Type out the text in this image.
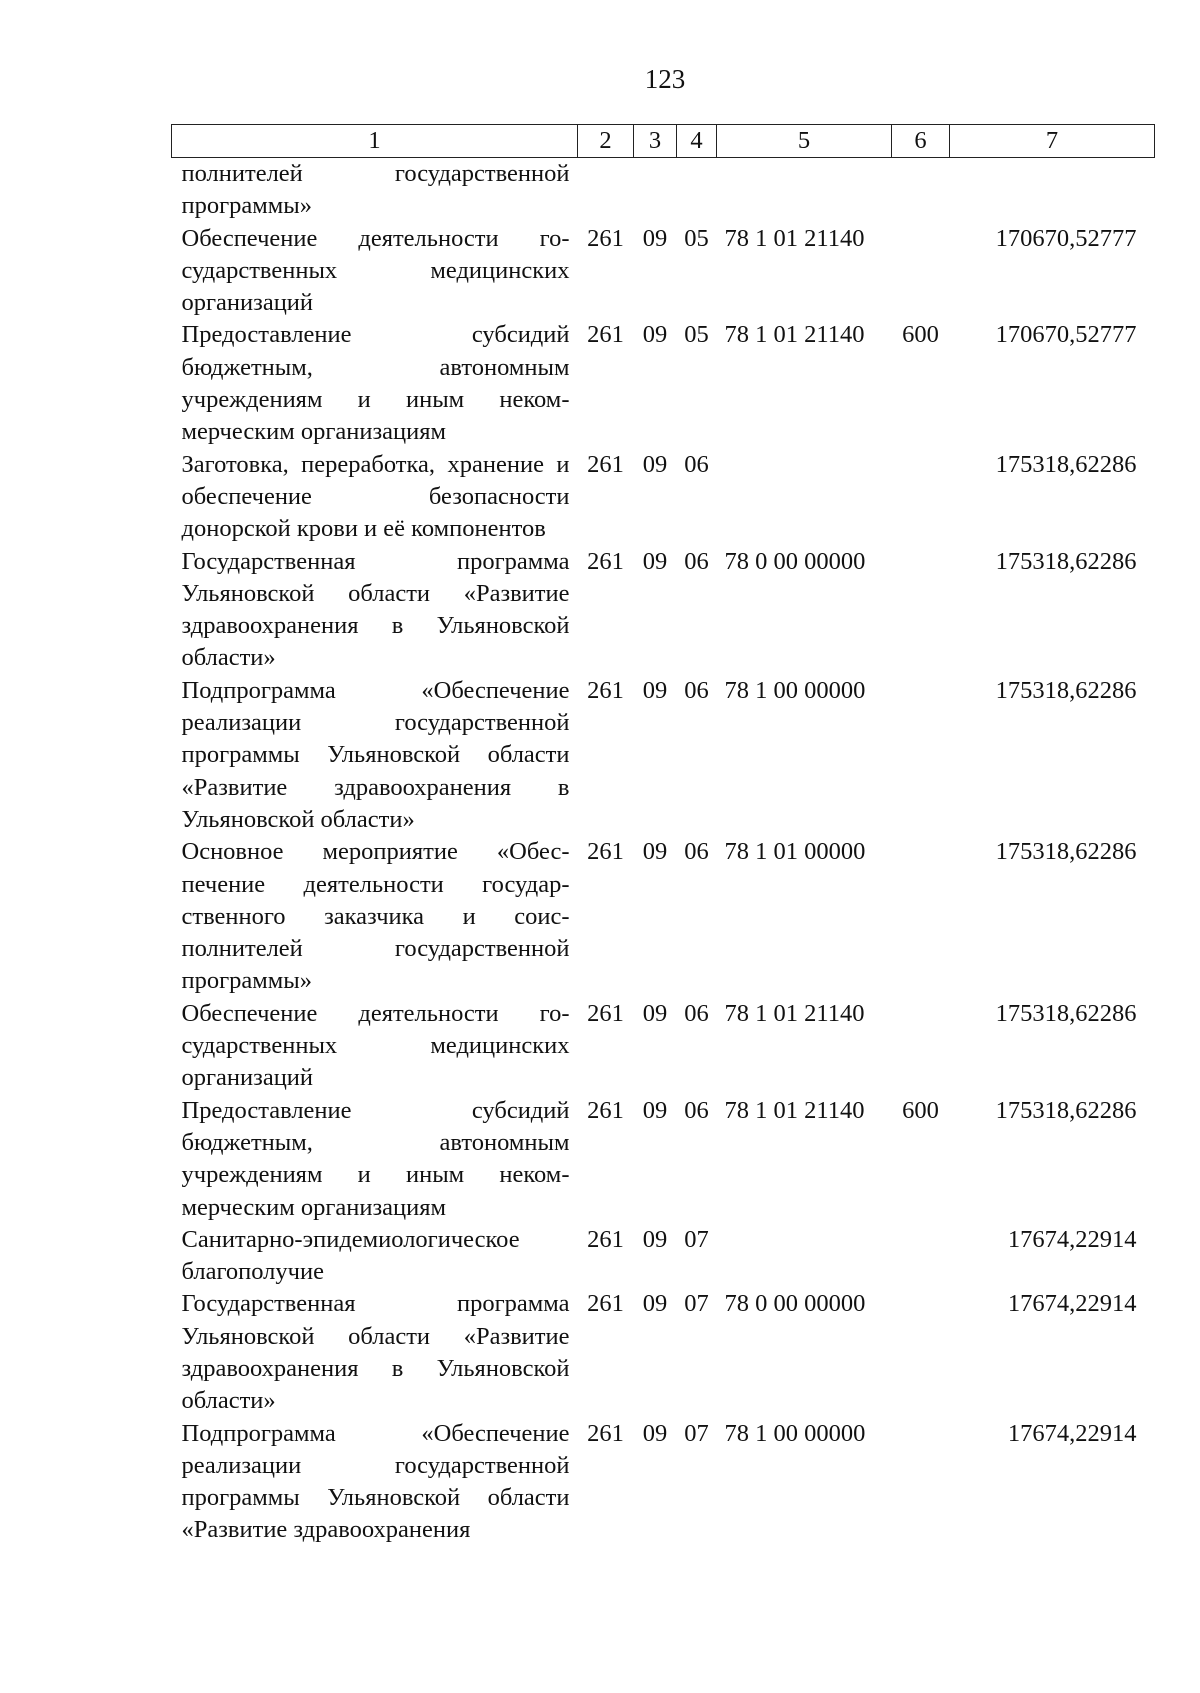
123
1	2	3	4	5	6	7
полнителей государственной программы»						
Обеспечение деятельности государственных медицинских организаций	261	09	05	78 1 01 21140		170670,52777
Предоставление субсидий бюджетным, автономным учреждениям и иным некоммерческим организациям	261	09	05	78 1 01 21140	600	170670,52777
Заготовка, переработка, хранение и обеспечение безопасности донорской крови и её компонентов	261	09	06			175318,62286
Государственная программа Ульяновской области «Развитие здравоохранения в Ульяновской области»	261	09	06	78 0 00 00000		175318,62286
Подпрограмма «Обеспечение реализации государственной программы Ульяновской области «Развитие здравоохранения в Ульяновской области»	261	09	06	78 1 00 00000		175318,62286
Основное мероприятие «Обеспечение деятельности государственного заказчика и соисполнителей государственной программы»	261	09	06	78 1 01 00000		175318,62286
Обеспечение деятельности государственных медицинских организаций	261	09	06	78 1 01 21140		175318,62286
Предоставление субсидий бюджетным, автономным учреждениям и иным некоммерческим организациям	261	09	06	78 1 01 21140	600	175318,62286
Санитарно-эпидемиологическое благополучие	261	09	07			17674,22914
Государственная программа Ульяновской области «Развитие здравоохранения в Ульяновской области»	261	09	07	78 0 00 00000		17674,22914
Подпрограмма «Обеспечение реализации государственной программы Ульяновской области «Развитие здравоохранения	261	09	07	78 1 00 00000		17674,22914
